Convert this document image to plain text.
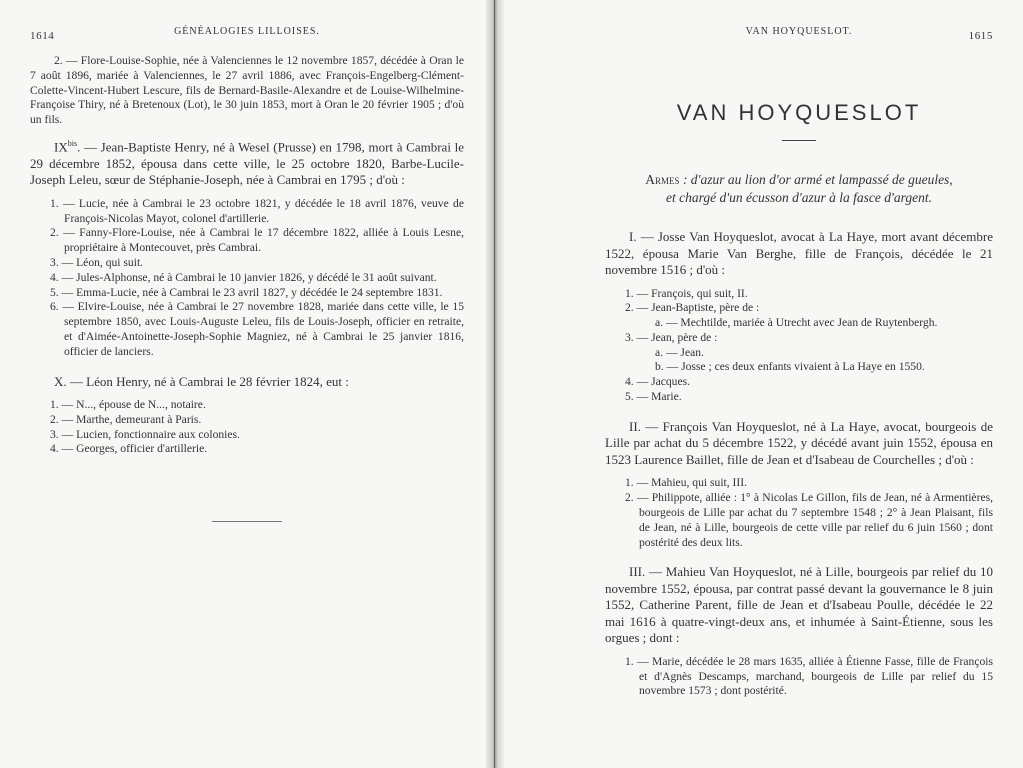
1614	GÉNÉALOGIES LILLOISES.

2. — Flore-Louise-Sophie, née à Valenciennes le 12 novembre 1857, décédée à Oran le 7 août 1896, mariée à Valenciennes, le 27 avril 1886, avec François-Engelberg-Clément-Colette-Vincent-Hubert Lescure, fils de Bernard-Basile-Alexandre et de Louise-Wilhelmine-Françoise Thiry, né à Bretenoux (Lot), le 30 juin 1853, mort à Oran le 20 février 1905 ; d'où un fils.

$IX^{bis}$. — Jean-Baptiste Henry, né à Wesel (Prusse) en 1798, mort à Cambrai le 29 décembre 1852, épousa dans cette ville, le 25 octobre 1820, Barbe-Lucile-Joseph Leleu, sœur de Stéphanie-Joseph, née à Cambrai en 1795 ; d'où :

1. — Lucie, née à Cambrai le 23 octobre 1821, y décédée le 18 avril 1876, veuve de François-Nicolas Mayot, colonel d'artillerie.

2. — Fanny-Flore-Louise, née à Cambrai le 17 décembre 1822, alliée à Louis Lesne, propriétaire à Montecouvet, près Cambrai.

3. — Léon, qui suit.

4. — Jules-Alphonse, né à Cambrai le 10 janvier 1826, y décédé le 31 août suivant.

5. — Emma-Lucie, née à Cambrai le 23 avril 1827, y décédée le 24 septembre 1831.

6. — Elvire-Louise, née à Cambrai le 27 novembre 1828, mariée dans cette ville, le 15 septembre 1850, avec Louis-Auguste Leleu, fils de Louis-Joseph, officier en retraite, et d'Aimée-Antoinette-Joseph-Sophie Magniez, né à Cambrai le 25 janvier 1816, officier de lanciers.

X. — Léon Henry, né à Cambrai le 28 février 1824, eut :

1. — N..., épouse de N..., notaire.

2. — Marthe, demeurant à Paris.

3. — Lucien, fonctionnaire aux colonies.

4. — Georges, officier d'artillerie.

VAN HOYQUESLOT.	1615
VAN HOYQUESLOT
Armes : d'azur au lion d'or armé et lampassé de gueules,
et chargé d'un écusson d'azur à la fasce d'argent.

I. — Josse Van Hoyqueslot, avocat à La Haye, mort avant décembre 1522, épousa Marie Van Berghe, fille de François, décédée le 21 novembre 1516 ; d'où :

1. — François, qui suit, II.

2. — Jean-Baptiste, père de :

a. — Mechtilde, mariée à Utrecht avec Jean de Ruytenbergh.

3. — Jean, père de :

a. — Jean.

b. — Josse ; ces deux enfants vivaient à La Haye en 1550.

4. — Jacques.

5. — Marie.

II. — François Van Hoyqueslot, né à La Haye, avocat, bourgeois de Lille par achat du 5 décembre 1522, y décédé avant juin 1552, épousa en 1523 Laurence Baillet, fille de Jean et d'Isabeau de Courchelles ; d'où :

1. — Mahieu, qui suit, III.

2. — Philippote, alliée : 1° à Nicolas Le Gillon, fils de Jean, né à Armentières, bourgeois de Lille par achat du 7 septembre 1548 ; 2° à Jean Plaisant, fils de Jean, né à Lille, bourgeois de cette ville par relief du 6 juin 1560 ; dont postérité des deux lits.

III. — Mahieu Van Hoyqueslot, né à Lille, bourgeois par relief du 10 novembre 1552, épousa, par contrat passé devant la gouvernance le 8 juin 1552, Catherine Parent, fille de Jean et d'Isabeau Poulle, décédée le 22 mai 1616 à quatre-vingt-deux ans, et inhumée à Saint-Étienne, sous les orgues ; dont :

1. — Marie, décédée le 28 mars 1635, alliée à Étienne Fasse, fille de François et d'Agnès Descamps, marchand, bourgeois de Lille par relief du 15 novembre 1573 ; dont postérité.
